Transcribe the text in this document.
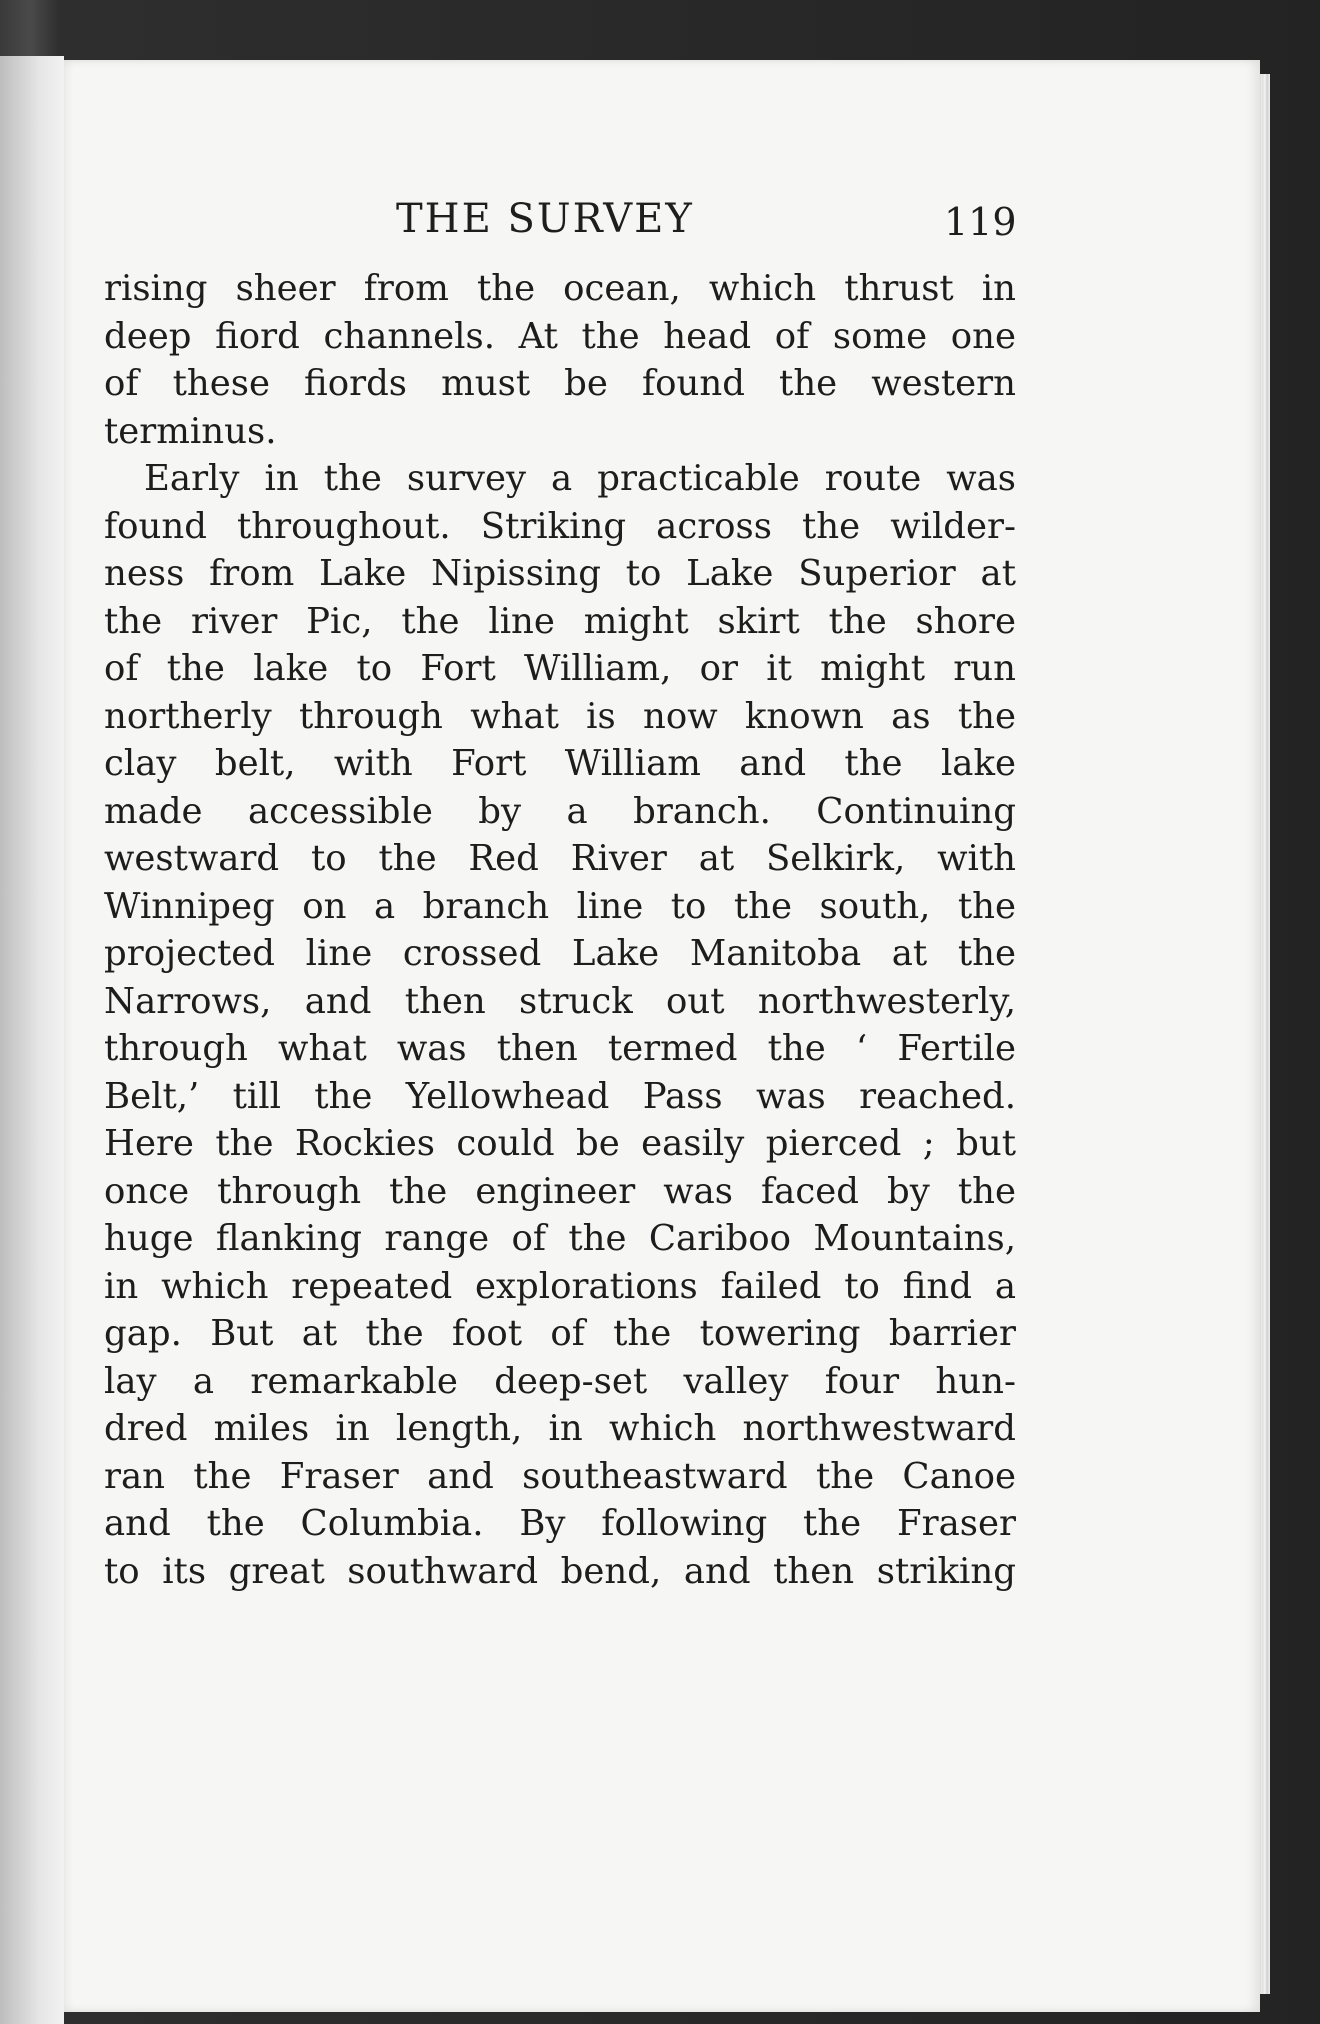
THE SURVEY	119
rising sheer from the ocean, which thrust in
deep fiord channels. At the head of some one
of these fiords must be found the western
terminus.
Early in the survey a practicable route was
found throughout. Striking across the wilder-
ness from Lake Nipissing to Lake Superior at
the river Pic, the line might skirt the shore
of the lake to Fort William, or it might run
northerly through what is now known as the
clay belt, with Fort William and the lake
made accessible by a branch. Continuing
westward to the Red River at Selkirk, with
Winnipeg on a branch line to the south, the
projected line crossed Lake Manitoba at the
Narrows, and then struck out northwesterly,
through what was then termed the ‘ Fertile
Belt,’ till the Yellowhead Pass was reached.
Here the Rockies could be easily pierced ; but
once through the engineer was faced by the
huge flanking range of the Cariboo Mountains,
in which repeated explorations failed to find a
gap. But at the foot of the towering barrier
lay a remarkable deep-set valley four hun-
dred miles in length, in which northwestward
ran the Fraser and southeastward the Canoe
and the Columbia. By following the Fraser
to its great southward bend, and then striking
